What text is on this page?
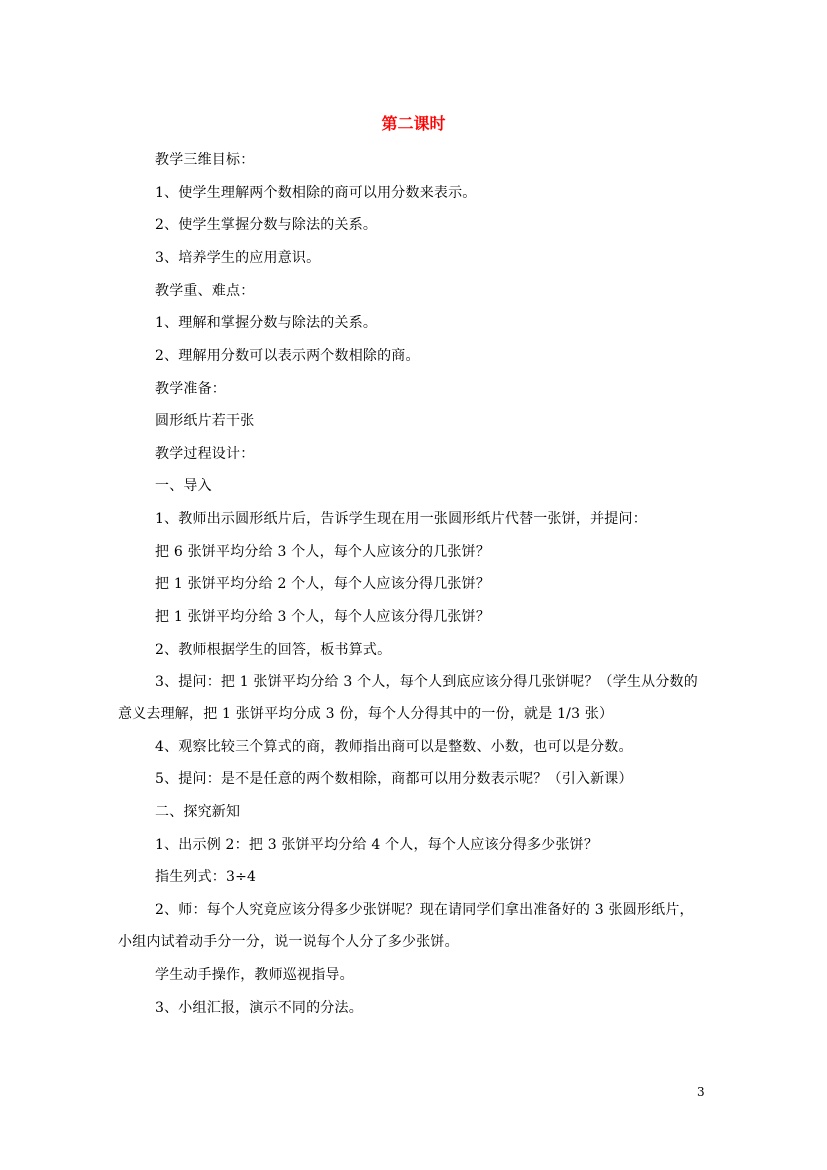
第二课时
教学三维目标：
1、使学生理解两个数相除的商可以用分数来表示。
2、使学生掌握分数与除法的关系。
3、培养学生的应用意识。
教学重、难点：
1、理解和掌握分数与除法的关系。
2、理解用分数可以表示两个数相除的商。
教学准备：
圆形纸片若干张
教学过程设计：
一、导入
1、教师出示圆形纸片后，告诉学生现在用一张圆形纸片代替一张饼，并提问：
把 6 张饼平均分给 3 个人，每个人应该分的几张饼？
把 1 张饼平均分给 2 个人，每个人应该分得几张饼？
把 1 张饼平均分给 3 个人，每个人应该分得几张饼？
2、教师根据学生的回答，板书算式。
3、提问：把 1 张饼平均分给 3 个人，每个人到底应该分得几张饼呢？（学生从分数的
意义去理解，把 1 张饼平均分成 3 份，每个人分得其中的一份，就是 1/3 张）
4、观察比较三个算式的商，教师指出商可以是整数、小数，也可以是分数。
5、提问：是不是任意的两个数相除，商都可以用分数表示呢？（引入新课）
二、探究新知
1、出示例 2：把 3 张饼平均分给 4 个人，每个人应该分得多少张饼？
指生列式：3÷4
2、师：每个人究竟应该分得多少张饼呢？现在请同学们拿出准备好的 3 张圆形纸片，
小组内试着动手分一分，说一说每个人分了多少张饼。
学生动手操作，教师巡视指导。
3、小组汇报，演示不同的分法。
3
